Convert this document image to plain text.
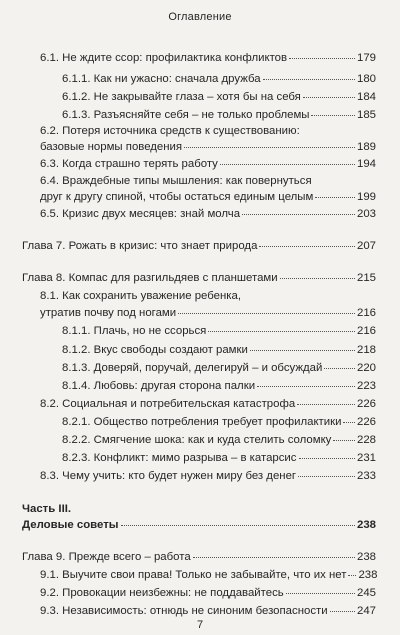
Оглавление
6.1. Не ждите ссор: профилактика конфликтов	179
6.1.1. Как ни ужасно: сначала дружба	180
6.1.2. Не закрывайте глаза – хотя бы на себя	184
6.1.3. Разъясняйте себя – не только проблемы	185
6.2. Потеря источника средств к существованию:
базовые нормы поведения	189
6.3. Когда страшно терять работу	194
6.4. Враждебные типы мышления: как повернуться
друг к другу спиной, чтобы остаться единым целым	199
6.5. Кризис двух месяцев: знай молча	203
Глава 7. Рожать в кризис: что знает природа	207
Глава 8. Компас для разгильдяев с планшетами	215
8.1. Как сохранить уважение ребенка,
утратив почву под ногами	216
8.1.1. Плачь, но не ссорься	216
8.1.2. Вкус свободы создают рамки	218
8.1.3. Доверяй, поручай, делегируй – и обсуждай	220
8.1.4. Любовь: другая сторона палки	223
8.2. Социальная и потребительская катастрофа	226
8.2.1. Общество потребления требует профилактики 226
8.2.2. Смягчение шока: как и куда стелить соломку 228
8.2.3. Конфликт: мимо разрыва – в катарсис	231
8.3. Чему учить: кто будет нужен миру без денег	233
Часть III.
Деловые советы	238
Глава 9. Прежде всего – работа	238
9.1. Выучите свои права! Только не забывайте, что их нет 238
9.2. Провокации неизбежны: не поддавайтесь	245
9.3. Независимость: отнюдь не синоним безопасности	247
7
